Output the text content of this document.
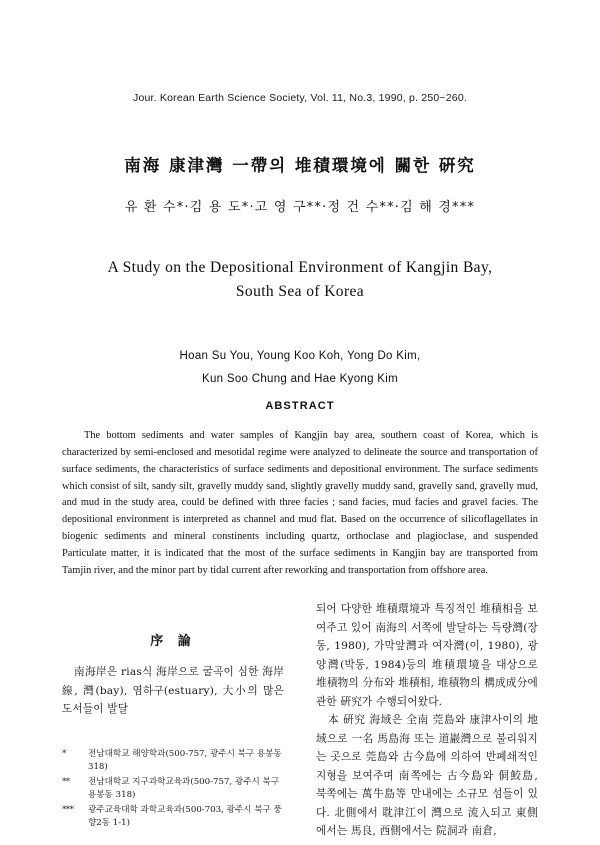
Jour. Korean Earth Science Society, Vol. 11, No.3, 1990, p. 250~260.
南海 康津灣 一帶의 堆積環境에 關한 硏究
유 환 수*·김 용 도*·고 영 구**·정 건 수**·김 해 경***
A Study on the Depositional Environment of Kangjin Bay,
South Sea of Korea
Hoan Su You, Young Koo Koh, Yong Do Kim,
Kun Soo Chung and Hae Kyong Kim
ABSTRACT
The bottom sediments and water samples of Kangjin bay area, southern coast of Korea, which is characterized by semi-enclosed and mesotidal regime were analyzed to delineate the source and transportation of surface sediments, the characteristics of surface sediments and depositional environment. The surface sediments which consist of silt, sandy silt, gravelly muddy sand, slightly gravelly muddy sand, gravelly sand, gravelly mud, and mud in the study area, could be defined with three facies ; sand facies, mud facies and gravel facies. The depositional environment is interpreted as channel and mud flat. Based on the occurrence of silicoflagellates in biogenic sediments and mineral constinents including quartz, orthoclase and plagioclase, and suspended Particulate matter, it is indicated that the most of the surface sediments in Kangjin bay are transported from Tamjin river, and the minor part by tidal current after reworking and transportation from offshore area.
序 論
南海岸은 rias식 海岸으로 굴곡이 심한 海岸線, 灣(bay), 염하구(estuary), 大小의 많은 도서들이 발달
되어 다양한 堆積環境과 특징적인 堆積相을 보여주고 있어 南海의 서쪽에 발달하는 득량灣(장동, 1980), 가막앞灣과 여자灣(이, 1980), 광양灣(박동, 1984)등의 堆積環境을 대상으로 堆積物의 分布와 堆積相, 堆積物의 構成成分에 관한 硏究가 수행되어왔다.
本 硏究 海域은 全南 莞島와 康津사이의 地域으로 一名 馬島海 또는 道巖灣으로 불리워지는 곳으로 莞島와 古今島에 의하여 반폐쇄적인 지형을 보여주며 南쪽에는 古今島와 侗鮫島, 북쪽에는 萬牛島等 만내에는 소규모 섬들이 있다. 北側에서 耽津江이 灣으로 流入되고 東側에서는 馬良, 西側에서는 院洞과 南倉,
*	전남대학교 해양학과(500-757, 광주시 북구 용봉동 318)
**	전남대학교 지구과학교육과(500-757, 광주시 북구 용봉동 318)
***	광주교육대학 과학교육과(500-703, 광주시 북구 풍향2동 1-1)
